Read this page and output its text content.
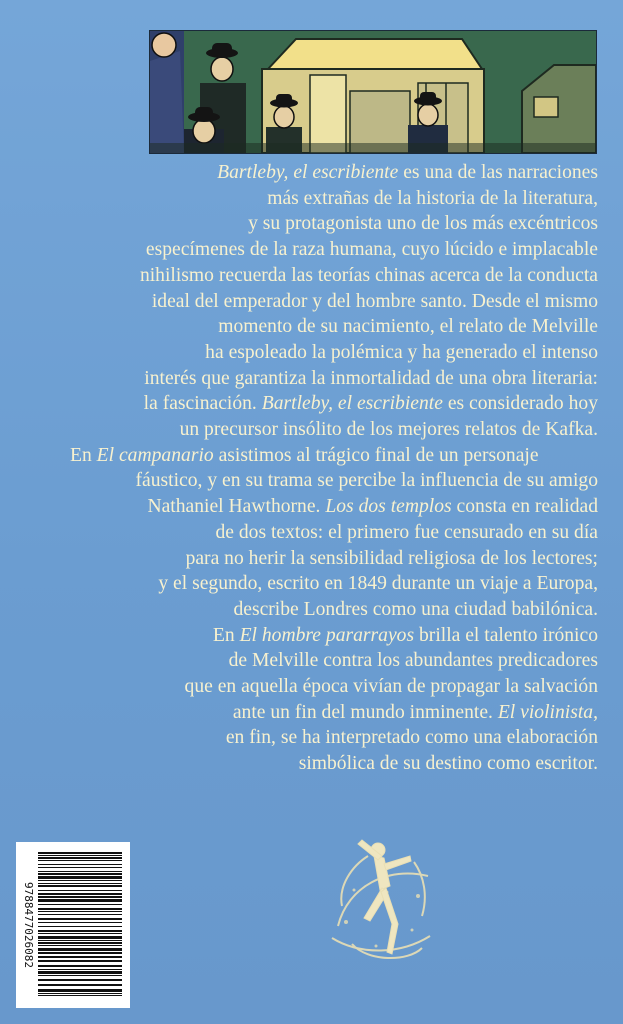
Bartleby, el escribiente es una de las narraciones
más extrañas de la historia de la literatura,
y su protagonista uno de los más excéntricos
especímenes de la raza humana, cuyo lúcido e implacable
nihilismo recuerda las teorías chinas acerca de la conducta
ideal del emperador y del hombre santo. Desde el mismo
momento de su nacimiento, el relato de Melville
ha espoleado la polémica y ha generado el intenso
interés que garantiza la inmortalidad de una obra literaria:
la fascinación. Bartleby, el escribiente es considerado hoy
un precursor insólito de los mejores relatos de Kafka.
En El campanario asistimos al trágico final de un personaje
fáustico, y en su trama se percibe la influencia de su amigo
Nathaniel Hawthorne. Los dos templos consta en realidad
de dos textos: el primero fue censurado en su día
para no herir la sensibilidad religiosa de los lectores;
y el segundo, escrito en 1849 durante un viaje a Europa,
describe Londres como una ciudad babilónica.
En El hombre pararrayos brilla el talento irónico
de Melville contra los abundantes predicadores
que en aquella época vivían de propagar la salvación
ante un fin del mundo inminente. El violinista,
en fin, se ha interpretado como una elaboración
simbólica de su destino como escritor.
9788477026082
